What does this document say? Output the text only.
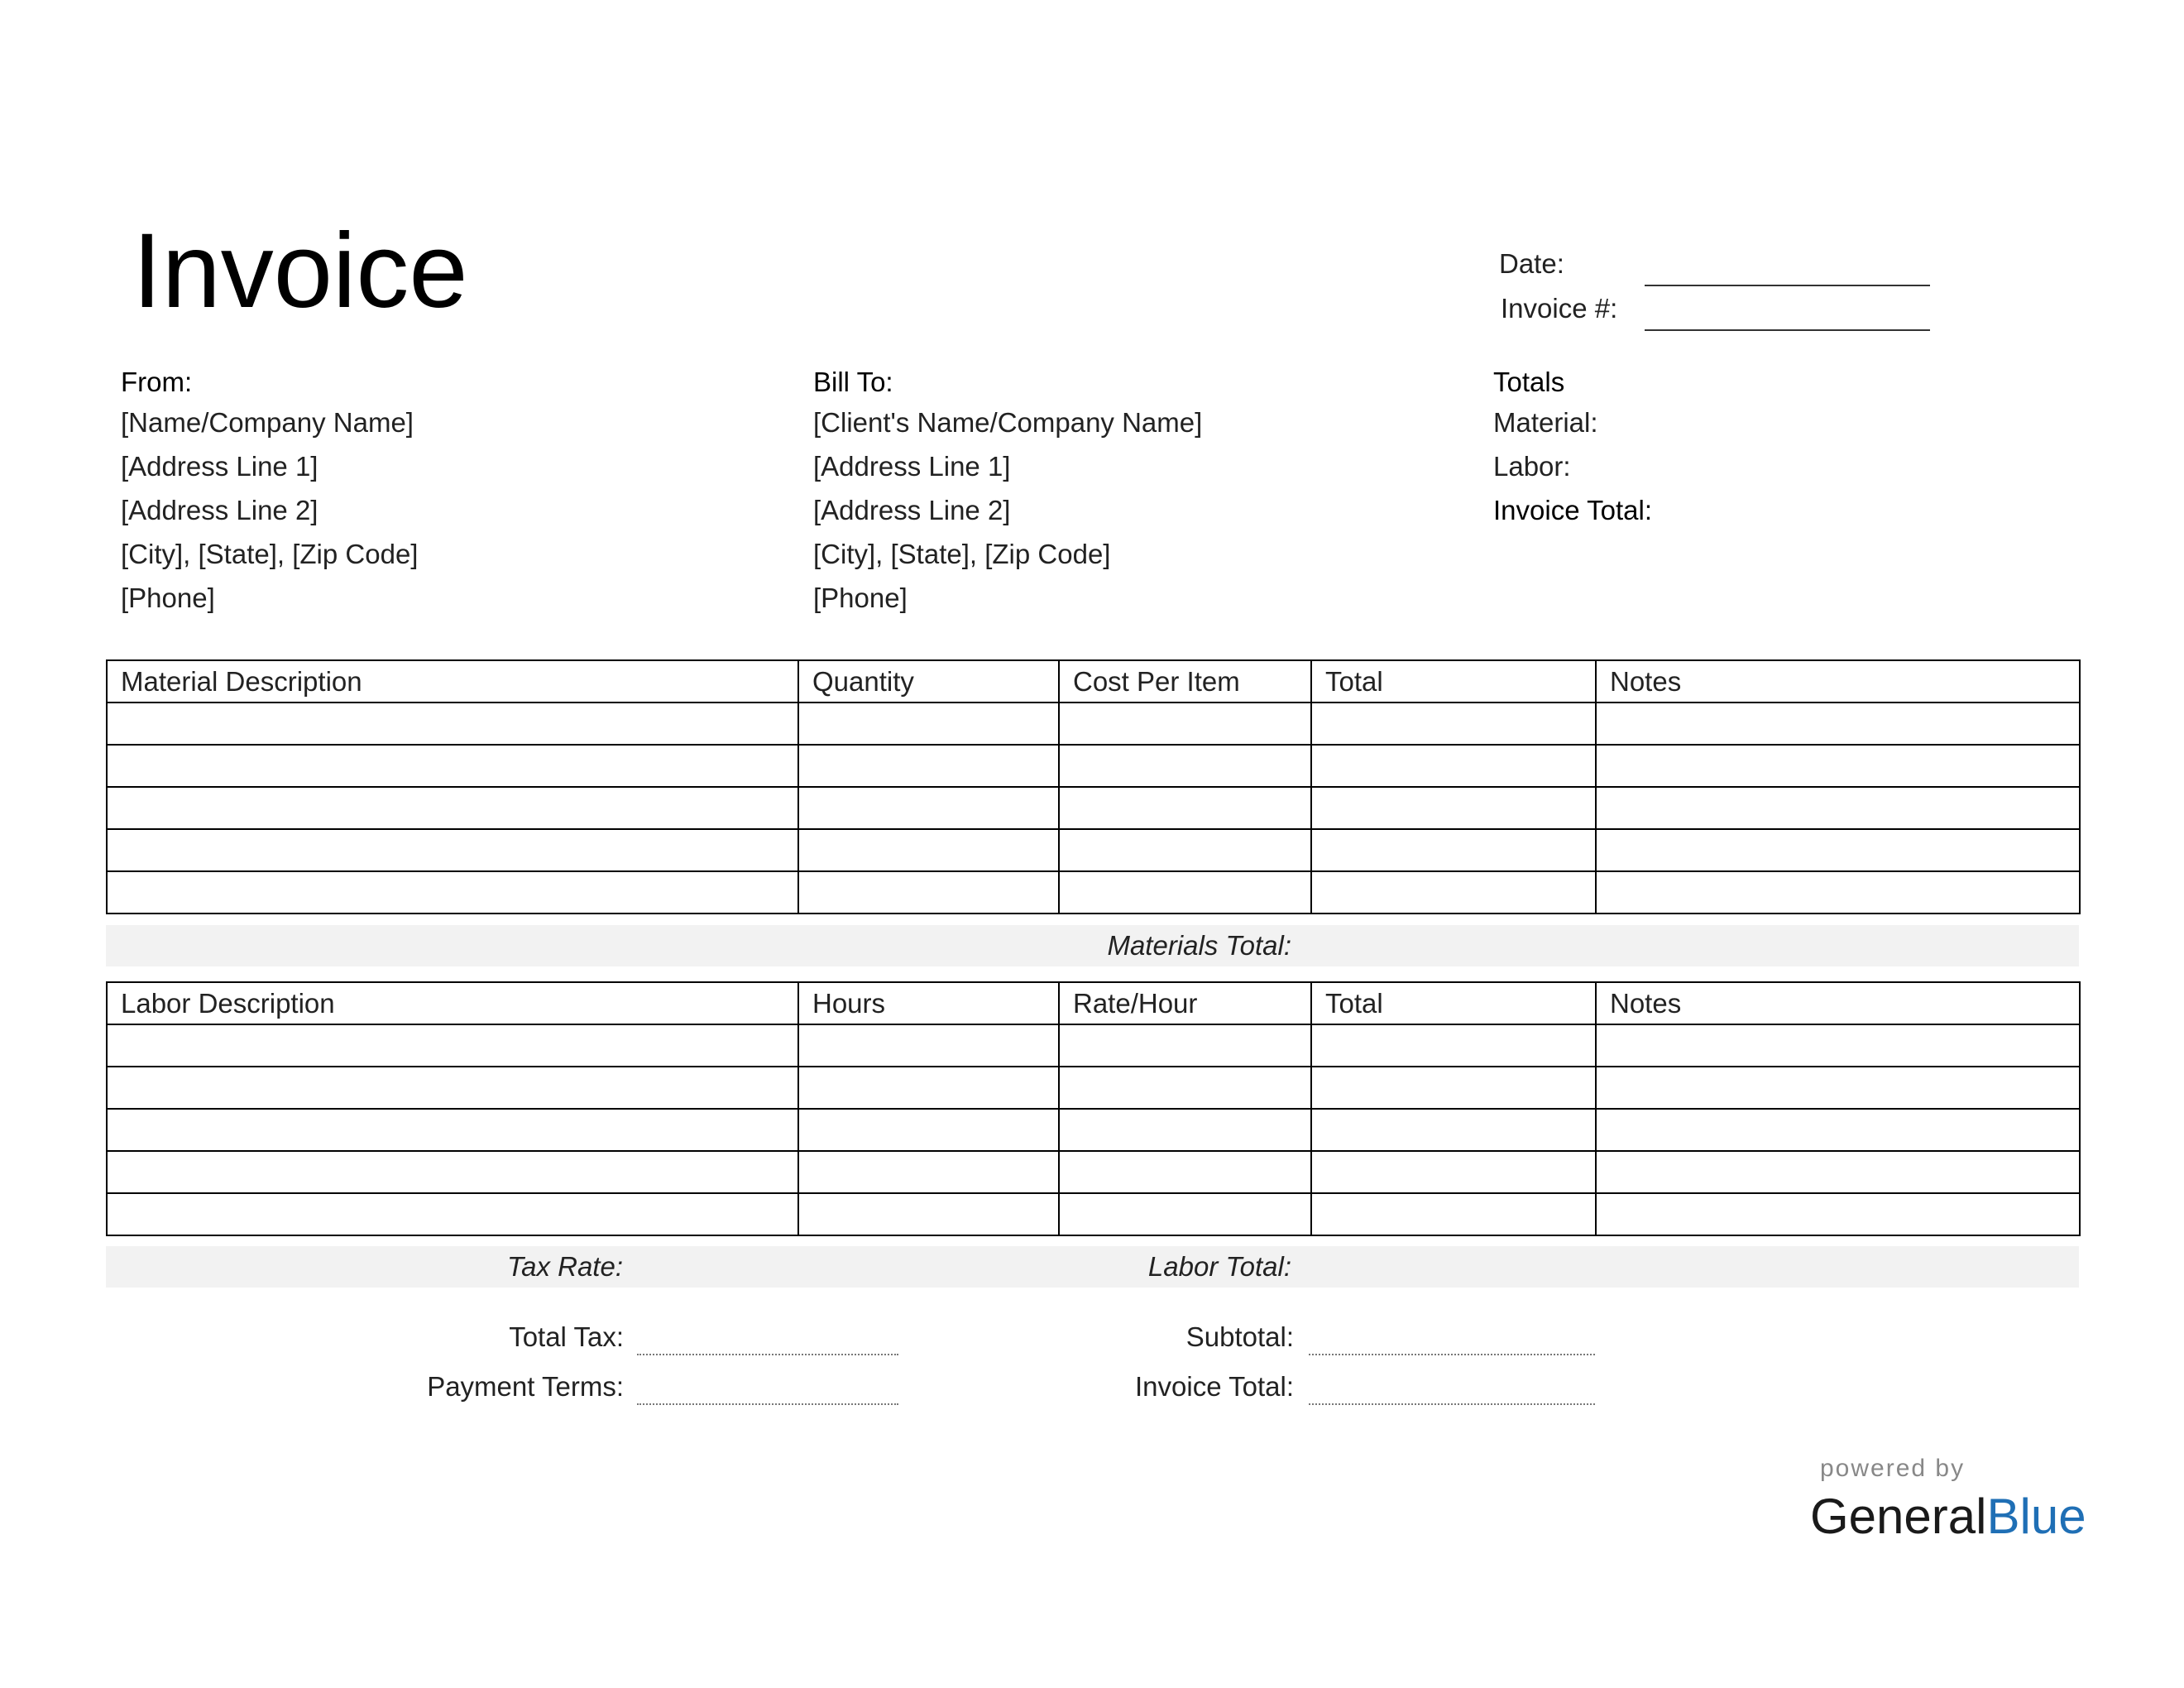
Invoice	Date:
Invoice #:
From:
[Name/Company Name]
[Address Line 1]
[Address Line 2]
[City], [State], [Zip Code]
[Phone]
Bill To:
[Client's Name/Company Name]
[Address Line 1]
[Address Line 2]
[City], [State], [Zip Code]
[Phone]
Totals
Material:
Labor:
Invoice Total:
Material Description	Quantity	Cost Per Item	Total	Notes

Materials Total:
Labor Description	Hours	Rate/Hour	Total	Notes

Tax Rate:	Labor Total:
Total Tax:
Payment Terms:
Subtotal:
Invoice Total:
powered by
GeneralBlue
